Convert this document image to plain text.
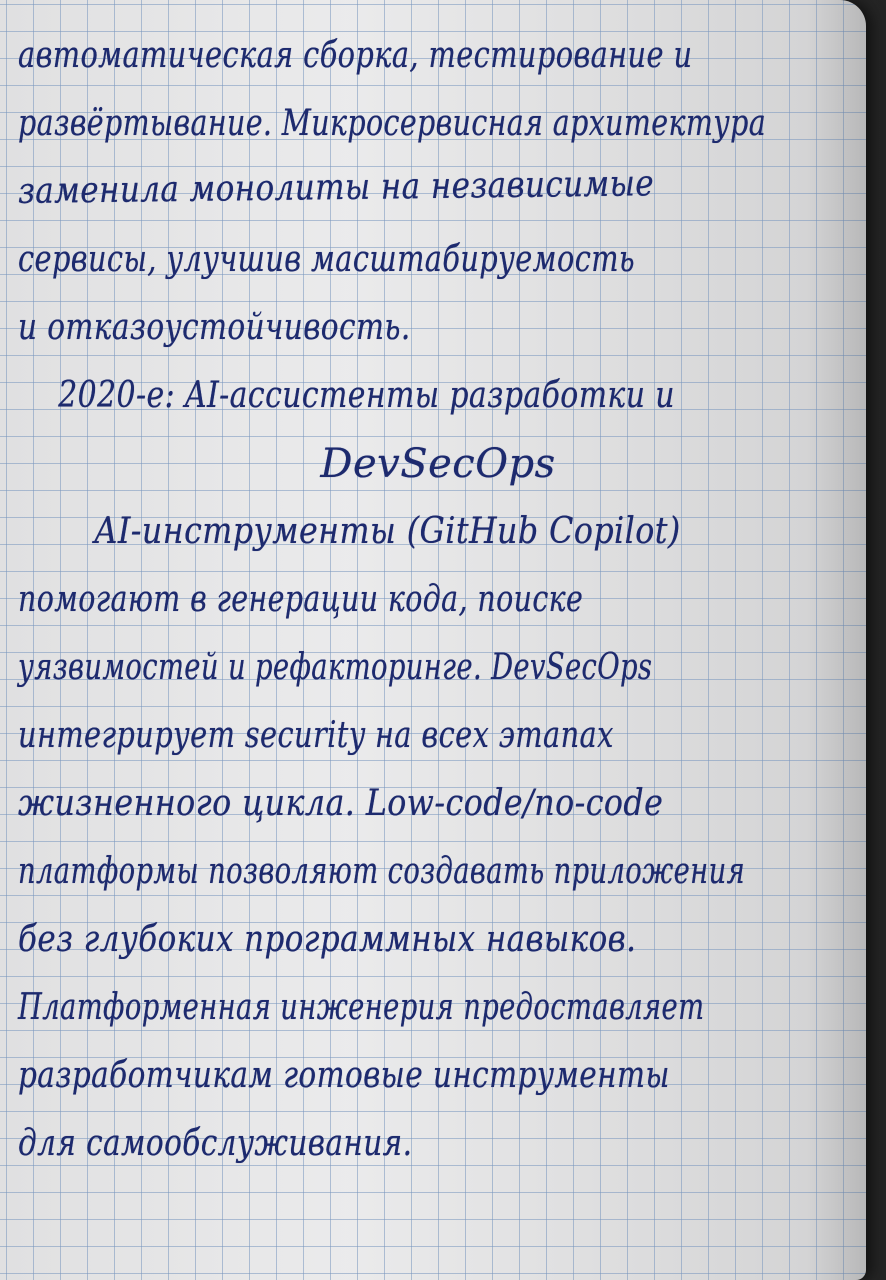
автоматическая сборка, тестирование и
развёртывание. Микросервисная архитектура
заменила монолиты на независимые
сервисы, улучшив масштабируемость
и отказоустойчивость.
2020-е: AI-ассистенты разработки и
DevSecOps
AI-инструменты (GitHub Copilot)
помогают в генерации кода, поиске
уязвимостей и рефакторинге. DevSecOps
интегрирует security на всех этапах
жизненного цикла. Low-code/no-code
платформы позволяют создавать приложения
без глубоких программных навыков.
Платформенная инженерия предоставляет
разработчикам готовые инструменты
для самообслуживания.
